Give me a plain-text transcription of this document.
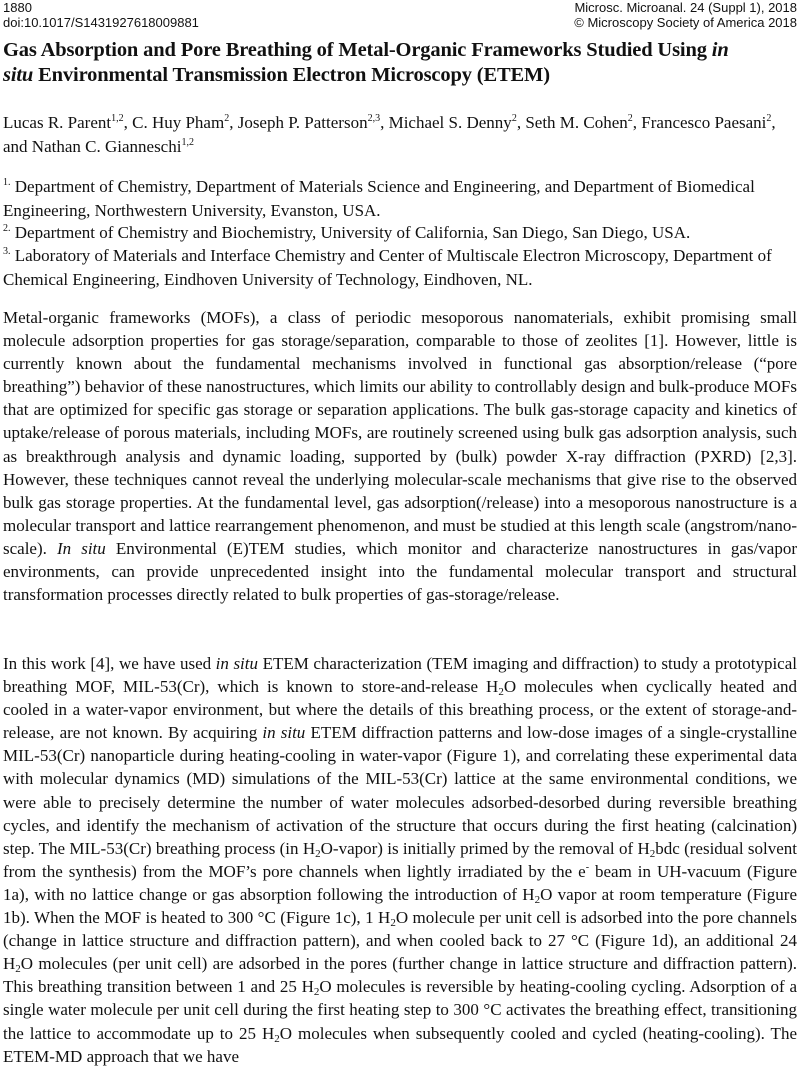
1880
doi:10.1017/S1431927618009881
Microsc. Microanal. 24 (Suppl 1), 2018
© Microscopy Society of America 2018
Gas Absorption and Pore Breathing of Metal-Organic Frameworks Studied Using in
situ Environmental Transmission Electron Microscopy (ETEM)
Lucas R. Parent$^{1,2}$, C. Huy Pham$^2$, Joseph P. Patterson$^{2,3}$, Michael S. Denny$^2$, Seth M. Cohen$^2$, Francesco Paesani$^2$, and Nathan C. Gianneschi$^{1,2}$
$^{1.}$ Department of Chemistry, Department of Materials Science and Engineering, and Department of Biomedical Engineering, Northwestern University, Evanston, USA.
$^{2.}$ Department of Chemistry and Biochemistry, University of California, San Diego, San Diego, USA.
$^{3.}$ Laboratory of Materials and Interface Chemistry and Center of Multiscale Electron Microscopy, Department of Chemical Engineering, Eindhoven University of Technology, Eindhoven, NL.

Metal-organic frameworks (MOFs), a class of periodic mesoporous nanomaterials, exhibit promising small molecule adsorption properties for gas storage/separation, comparable to those of zeolites [1]. However, little is currently known about the fundamental mechanisms involved in functional gas absorption/release (“pore breathing”) behavior of these nanostructures, which limits our ability to controllably design and bulk-produce MOFs that are optimized for specific gas storage or separation applications. The bulk gas-storage capacity and kinetics of uptake/release of porous materials, including MOFs, are routinely screened using bulk gas adsorption analysis, such as breakthrough analysis and dynamic loading, supported by (bulk) powder X-ray diffraction (PXRD) [2,3]. However, these techniques cannot reveal the underlying molecular-scale mechanisms that give rise to the observed bulk gas storage properties. At the fundamental level, gas adsorption(/release) into a mesoporous nanostructure is a molecular transport and lattice rearrangement phenomenon, and must be studied at this length scale (angstrom/nano-scale). In situ Environmental (E)TEM studies, which monitor and characterize nanostructures in gas/vapor environments, can provide unprecedented insight into the fundamental molecular transport and structural transformation processes directly related to bulk properties of gas-storage/release.

In this work [4], we have used in situ ETEM characterization (TEM imaging and diffraction) to study a prototypical breathing MOF, MIL-53(Cr), which is known to store-and-release $H_2O$ molecules when cyclically heated and cooled in a water-vapor environment, but where the details of this breathing process, or the extent of storage-and-release, are not known. By acquiring in situ ETEM diffraction patterns and low-dose images of a single-crystalline MIL-53(Cr) nanoparticle during heating-cooling in water-vapor (Figure 1), and correlating these experimental data with molecular dynamics (MD) simulations of the MIL-53(Cr) lattice at the same environmental conditions, we were able to precisely determine the number of water molecules adsorbed-desorbed during reversible breathing cycles, and identify the mechanism of activation of the structure that occurs during the first heating (calcination) step. The MIL-53(Cr) breathing process (in $H_2O-vapor$) is initially primed by the removal of $H_2bdc$ (residual solvent from the synthesis) from the MOF’s pore channels when lightly irradiated by the e- beam in UH-vacuum (Figure 1a), with no lattice change or gas absorption following the introduction of $H_2O$ vapor at room temperature (Figure 1b). When the MOF is heated to 300 °C (Figure 1c), 1 $H_2O$ molecule per unit cell is adsorbed into the pore channels (change in lattice structure and diffraction pattern), and when cooled back to 27 °C (Figure 1d), an additional 24 $H_2O$ molecules (per unit cell) are adsorbed in the pores (further change in lattice structure and diffraction pattern). This breathing transition between 1 and 25 $H_2O$ molecules is reversible by heating-cooling cycling. Adsorption of a single water molecule per unit cell during the first heating step to 300 °C activates the breathing effect, transitioning the lattice to accommodate up to 25 $H_2O$ molecules when subsequently cooled and cycled (heating-cooling). The ETEM-MD approach that we have
